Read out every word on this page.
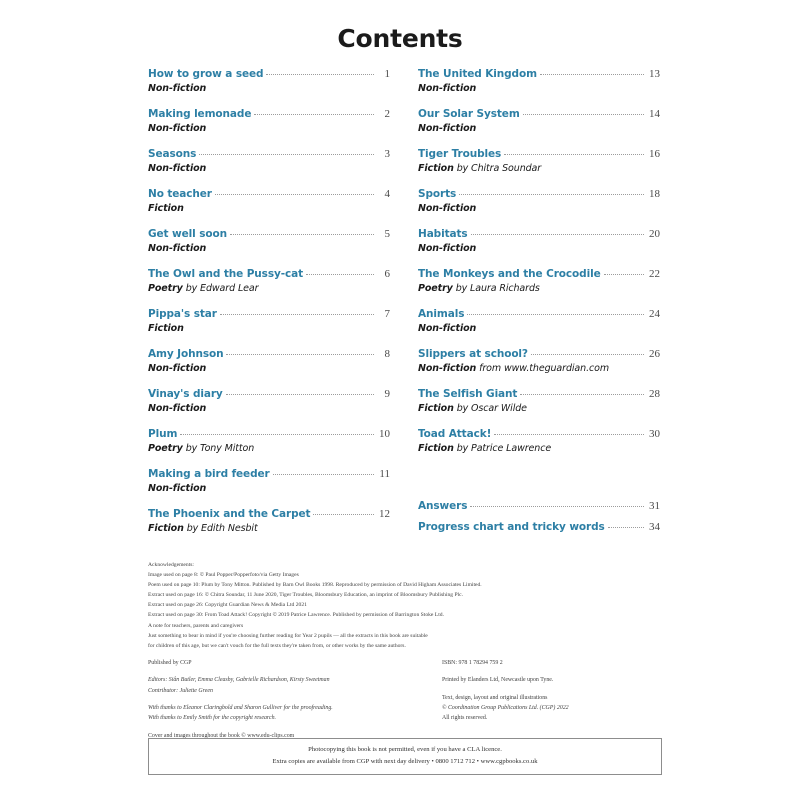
Contents
How to grow a seed	1
Non-fiction
Making lemonade	2
Non-fiction
Seasons	3
Non-fiction
No teacher	4
Fiction
Get well soon	5
Non-fiction
The Owl and the Pussy-cat	6
Poetry by Edward Lear
Pippa's star	7
Fiction
Amy Johnson	8
Non-fiction
Vinay's diary	9
Non-fiction
Plum	10
Poetry by Tony Mitton
Making a bird feeder	11
Non-fiction
The Phoenix and the Carpet	12
Fiction by Edith Nesbit
The United Kingdom	13
Non-fiction
Our Solar System	14
Non-fiction
Tiger Troubles	16
Fiction by Chitra Soundar
Sports	18
Non-fiction
Habitats	20
Non-fiction
The Monkeys and the Crocodile	22
Poetry by Laura Richards
Animals	24
Non-fiction
Slippers at school?	26
Non-fiction from www.theguardian.com
The Selfish Giant	28
Fiction by Oscar Wilde
Toad Attack!	30
Fiction by Patrice Lawrence
Answers	31
Progress chart and tricky words	34
Acknowledgements:
Image used on page 8: © Paul Popper/Popperfoto/via Getty Images
Poem used on page 10: Plum by Tony Mitton. Published by Barn Owl Books 1998. Reproduced by permission of David Higham Associates Limited.
Extract used on page 16: © Chitra Soundar, 11 June 2020, Tiger Troubles, Bloomsbury Education, an imprint of Bloomsbury Publishing Plc.
Extract used on page 26: Copyright Guardian News & Media Ltd 2021
Extract used on page 30: From Toad Attack! Copyright © 2019 Patrice Lawrence. Published by permission of Barrington Stoke Ltd.
A note for teachers, parents and caregivers
Just something to bear in mind if you're choosing further reading for Year 2 pupils — all the extracts in this book are suitable
for children of this age, but we can't vouch for the full texts they're taken from, or other works by the same authors.
Published by CGP
Editors: Siân Butler, Emma Cleasby, Gabrielle Richardson, Kirsty Sweetman
Contributor: Juliette Green
With thanks to Eleanor Claringbold and Sharon Gulliver for the proofreading.
With thanks to Emily Smith for the copyright research.
Cover and images throughout the book © www.edu-clips.com
ISBN: 978 1 78294 759 2
Printed by Elanders Ltd, Newcastle upon Tyne.
Text, design, layout and original illustrations
© Coordination Group Publications Ltd. (CGP) 2022
All rights reserved.
Photocopying this book is not permitted, even if you have a CLA licence.
Extra copies are available from CGP with next day delivery • 0800 1712 712 • www.cgpbooks.co.uk
